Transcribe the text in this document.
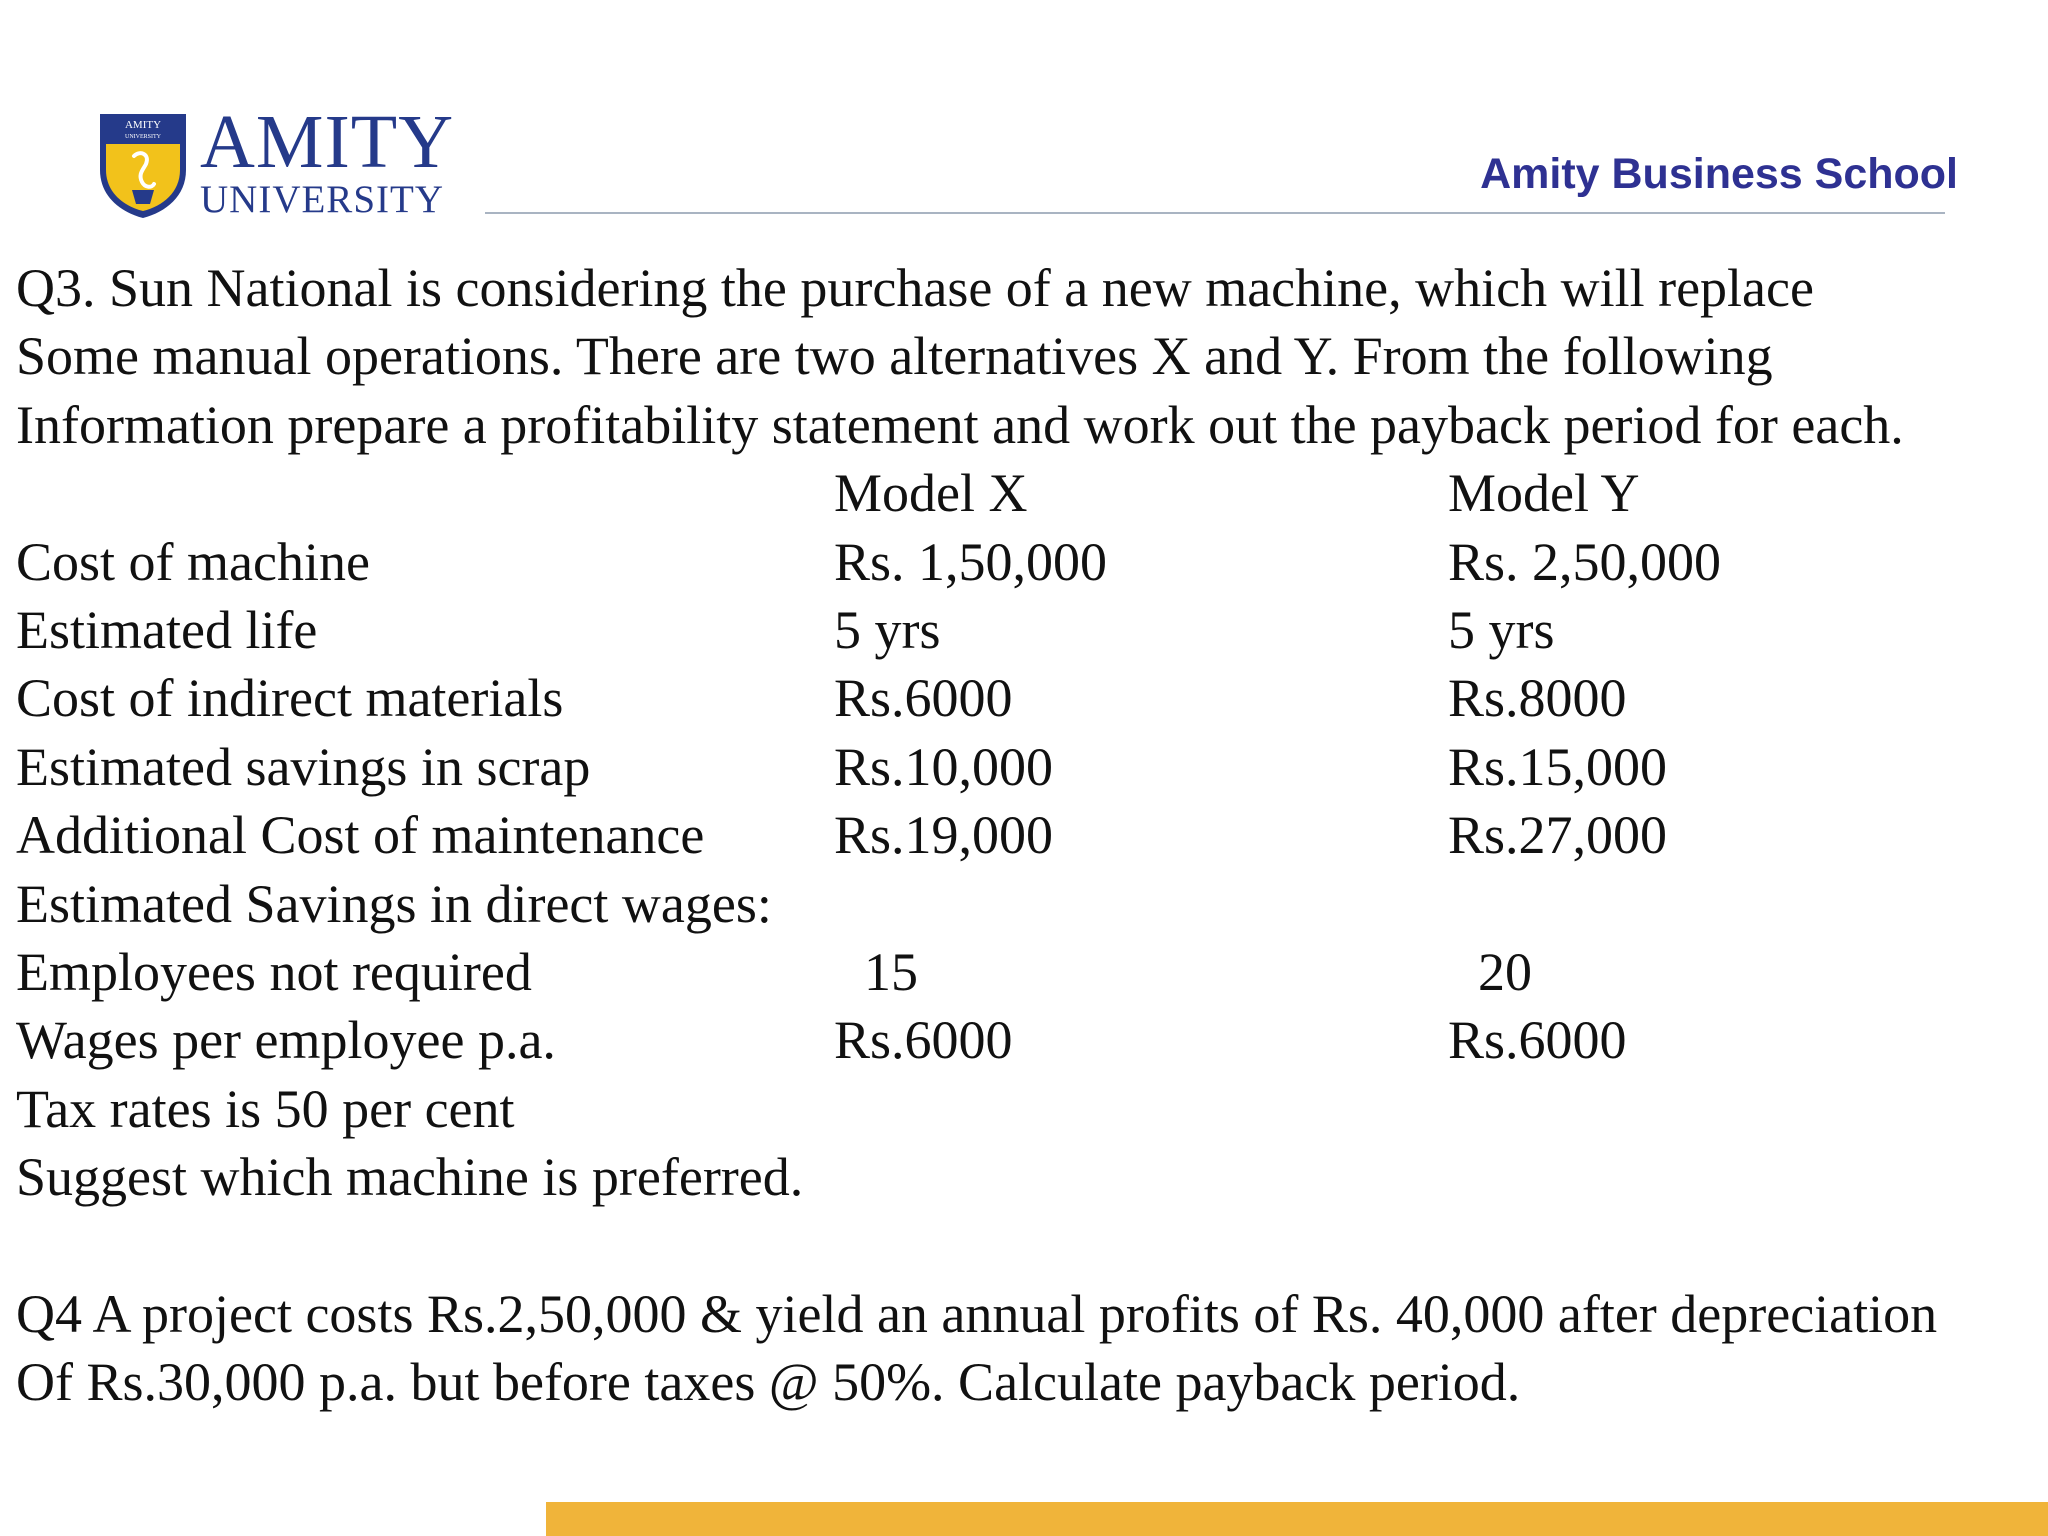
AMITY
UNIVERSITY AMITY
UNIVERSITY
Amity Business School
Q3. Sun National is considering the purchase of a new machine, which will replace
Some manual operations. There are two alternatives X and Y. From the following
Information prepare a profitability statement and work out the payback period for each.
Model X	Model Y
Cost of machine	Rs. 1,50,000	Rs. 2,50,000
Estimated life	5 yrs	5 yrs
Cost of indirect materials	Rs.6000	Rs.8000
Estimated savings in scrap	Rs.10,000	Rs.15,000
Additional Cost of maintenance Rs.19,000	Rs.27,000
Estimated Savings in direct wages:
Employees not required	15	20
Wages per employee p.a.	Rs.6000	Rs.6000
Tax rates is 50 per cent
Suggest which machine is preferred.
Q4 A project costs Rs.2,50,000 & yield an annual profits of Rs. 40,000 after depreciation
Of Rs.30,000 p.a. but before taxes @ 50%. Calculate payback period.
